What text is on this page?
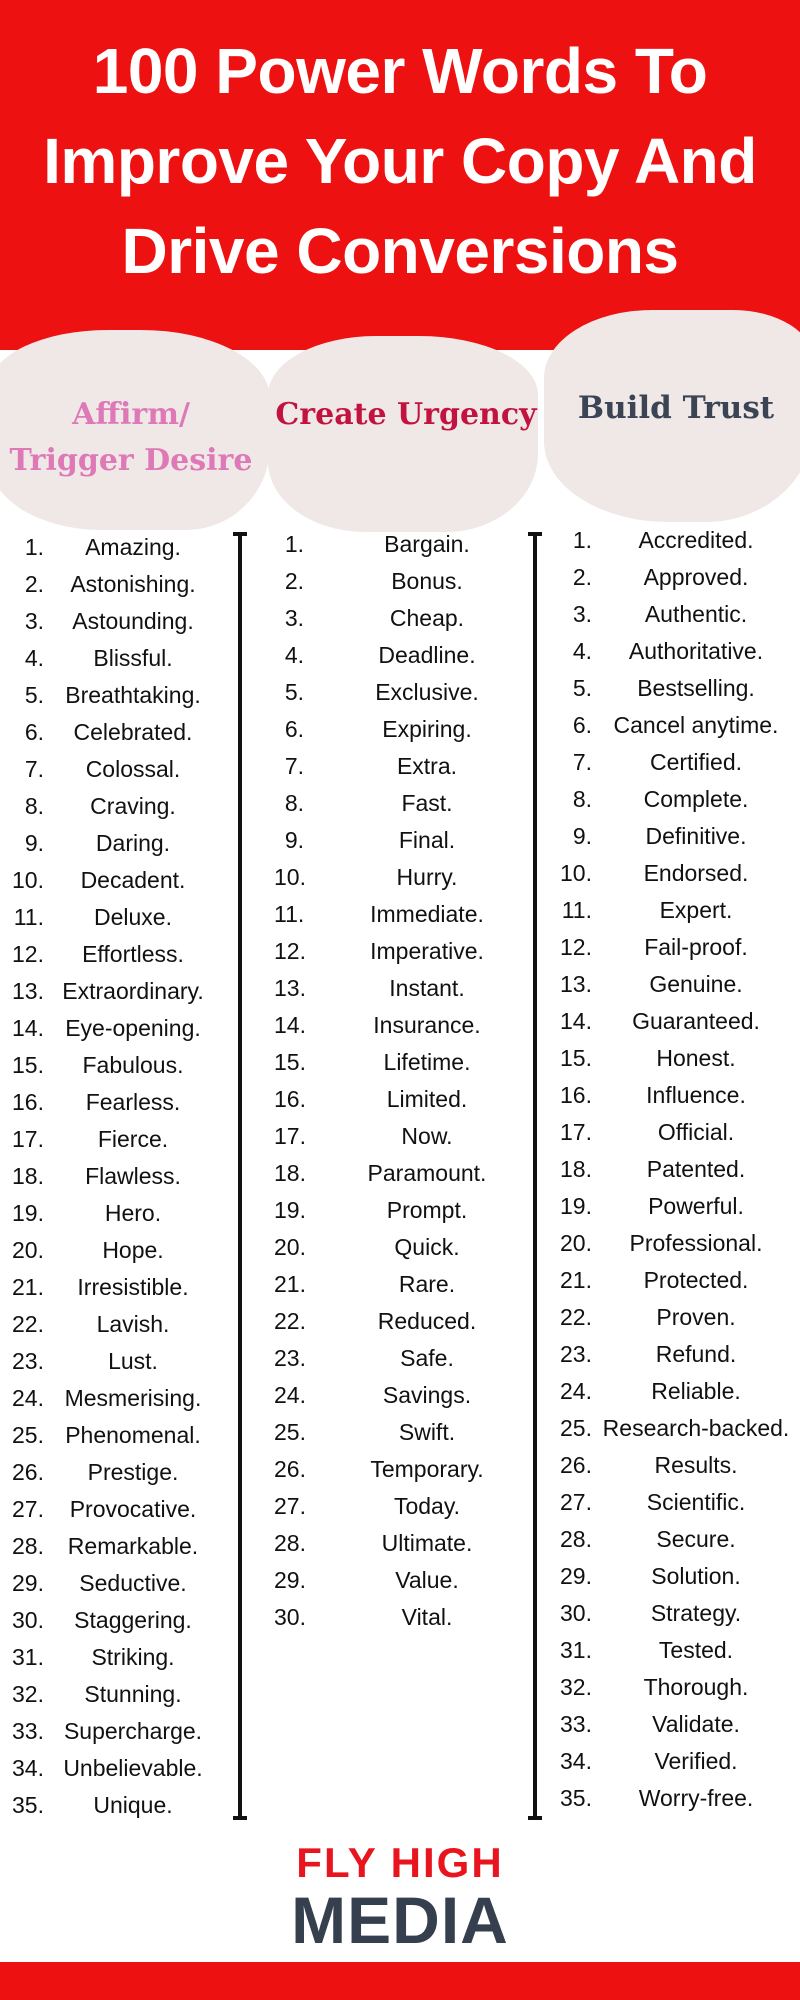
100 Power Words To Improve Your Copy And Drive Conversions
Affirm/
Trigger Desire
Create Urgency	Build Trust
1.	Amazing.
2.	Astonishing.
3.	Astounding.
4.	Blissful.
5. Breathtaking.
6.	Celebrated.
7.	Colossal.
8.	Craving.
9.	Daring.
10.	Decadent.
11.	Deluxe.
12.	Effortless.
13. Extraordinary.
14. Eye-opening.
15.	Fabulous.
16.	Fearless.
17.	Fierce.
18.	Flawless.
19.	Hero.
20.	Hope.
21.	Irresistible.
22.	Lavish.
23.	Lust.
24. Mesmerising.
25. Phenomenal.
26.	Prestige.
27.	Provocative.
28.	Remarkable.
29.	Seductive.
30.	Staggering.
31.	Striking.
32.	Stunning.
33. Supercharge.
34. Unbelievable.
35.	Unique.
1.	Bargain.
2.	Bonus.
3.	Cheap.
4.	Deadline.
5.	Exclusive.
6.	Expiring.
7.	Extra.
8.	Fast.
9.	Final.
10.	Hurry.
11.	Immediate.
12.	Imperative.
13.	Instant.
14.	Insurance.
15.	Lifetime.
16.	Limited.
17.	Now.
18.	Paramount.
19.	Prompt.
20.	Quick.
21.	Rare.
22.	Reduced.
23.	Safe.
24.	Savings.
25.	Swift.
26.	Temporary.
27.	Today.
28.	Ultimate.
29.	Value.
30.	Vital.
1.	Accredited.
2.	Approved.
3.	Authentic.
4.	Authoritative.
5.	Bestselling.
6. Cancel anytime.
7.	Certified.
8.	Complete.
9.	Definitive.
10.	Endorsed.
11.	Expert.
12.	Fail-proof.
13.	Genuine.
14.	Guaranteed.
15.	Honest.
16.	Influence.
17.	Official.
18.	Patented.
19.	Powerful.
20.	Professional.
21.	Protected.
22.	Proven.
23.	Refund.
24.	Reliable.
25. Research-backed.
26.	Results.
27.	Scientific.
28.	Secure.
29.	Solution.
30.	Strategy.
31.	Tested.
32.	Thorough.
33.	Validate.
34.	Verified.
35.	Worry-free.
FLY HIGH
MEDIA
